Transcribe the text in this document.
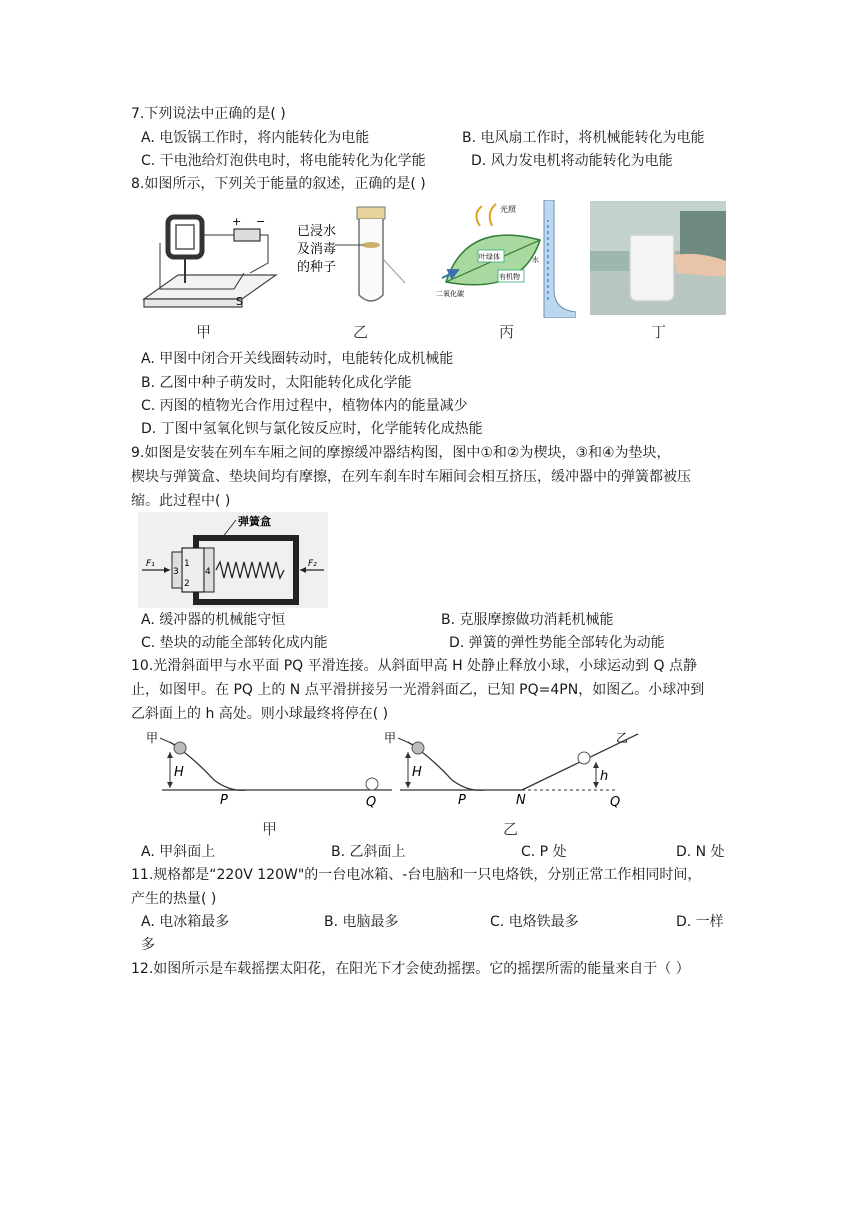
7.下列说法中正确的是( )
A. 电饭锅工作时，将内能转化为电能	B. 电风扇工作时，将机械能转化为电能
C. 干电池给灯泡供电时，将电能转化为化学能	D. 风力发电机将动能转化为电能
8.如图所示，下列关于能量的叙述，正确的是( )
+ −
S
甲
已浸水
及消毒
的种子
乙
光照
叶绿体
有机物
水
二氧化碳
丙	丁
A. 甲图中闭合开关线圈转动时，电能转化成机械能
B. 乙图中种子萌发时，太阳能转化成化学能
C. 丙图的植物光合作用过程中，植物体内的能量减少
D. 丁图中氢氧化钡与氯化铵反应时，化学能转化成热能
9.如图是安装在列车车厢之间的摩擦缓冲器结构图，图中①和②为楔块，③和④为垫块，
楔块与弹簧盒、垫块间均有摩擦，在列车刹车时车厢间会相互挤压，缓冲器中的弹簧都被压
缩。此过程中( )
弹簧盒
1
2
3	4
F₁	F₂
A. 缓冲器的机械能守恒	B. 克服摩擦做功消耗机械能
C. 垫块的动能全部转化成内能	D. 弹簧的弹性势能全部转化为动能
10.光滑斜面甲与水平面 PQ 平滑连接。从斜面甲高 H 处静止释放小球，小球运动到 Q 点静
止，如图甲。在 PQ 上的 N 点平滑拼接另一光滑斜面乙，已知 PQ=4PN，如图乙。小球冲到
乙斜面上的 h 高处。则小球最终将停在( )
甲
H
P	Q
甲
甲
H
P
乙
h
N	Q
乙
A. 甲斜面上	B. 乙斜面上	C. P 处	D. N 处
11.规格都是“220V 120W"的一台电冰箱、-台电脑和一只电烙铁，分别正常工作相同时间，
产生的热量( )
A. 电冰箱最多	B. 电脑最多	C. 电烙铁最多	D. 一样
多
12.如图所示是车载摇摆太阳花，在阳光下才会使劲摇摆。它的摇摆所需的能量来自于（ ）
